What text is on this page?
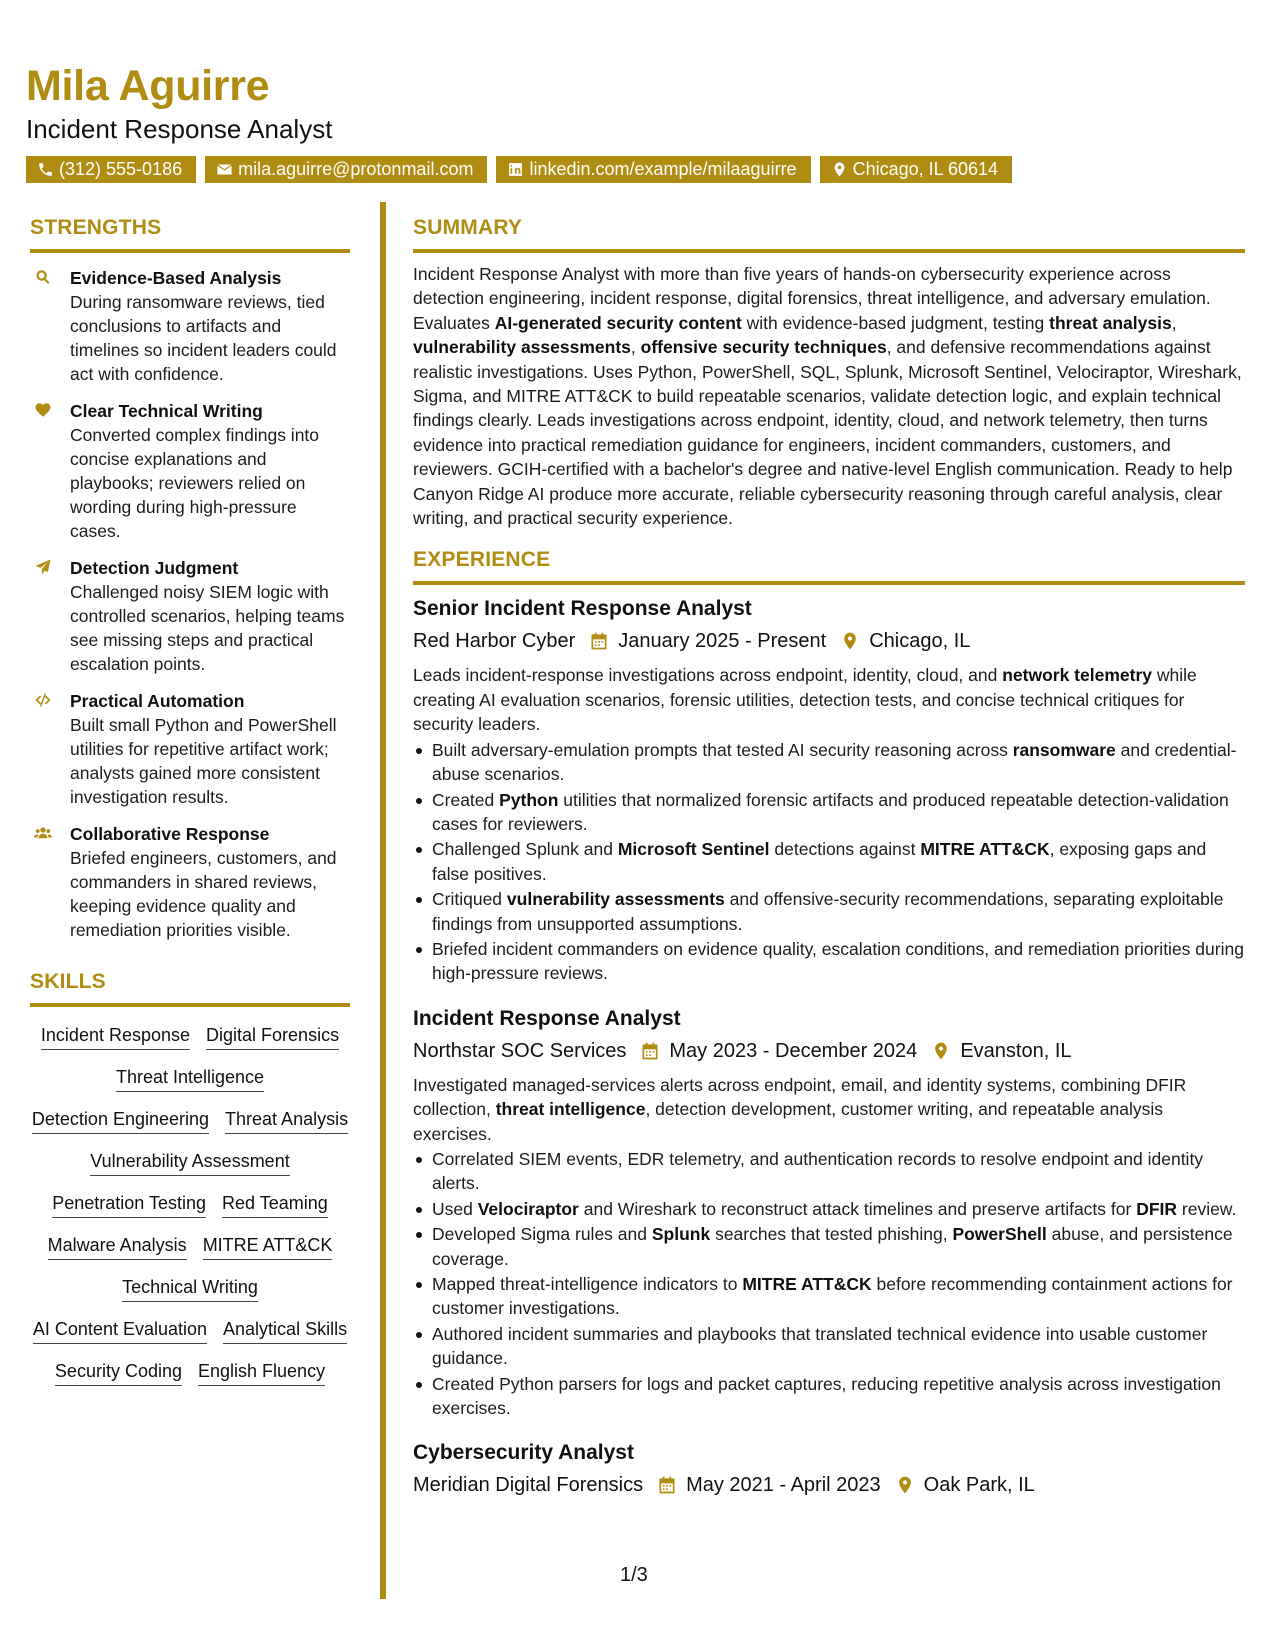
Mila Aguirre
Incident Response Analyst
(312) 555-0186	mila.aguirre@protonmail.com	linkedin.com/example/milaaguirre	Chicago, IL 60614
STRENGTHS
Evidence-Based Analysis
During ransomware reviews, tied conclusions to artifacts and timelines so incident leaders could act with confidence.
Clear Technical Writing
Converted complex findings into concise explanations and playbooks; reviewers relied on wording during high-pressure cases.
Detection Judgment
Challenged noisy SIEM logic with controlled scenarios, helping teams see missing steps and practical escalation points.
Practical Automation
Built small Python and PowerShell utilities for repetitive artifact work; analysts gained more consistent investigation results.
Collaborative Response
Briefed engineers, customers, and commanders in shared reviews, keeping evidence quality and remediation priorities visible.
SKILLS
Incident Response Digital Forensics
Threat Intelligence
Detection Engineering Threat Analysis
Vulnerability Assessment
Penetration Testing Red Teaming
Malware Analysis MITRE ATT&CK
Technical Writing
AI Content Evaluation Analytical Skills
Security Coding English Fluency
SUMMARY
Incident Response Analyst with more than five years of hands-on cybersecurity experience across detection engineering, incident response, digital forensics, threat intelligence, and adversary emulation. Evaluates AI-generated security content with evidence-based judgment, testing threat analysis, vulnerability assessments, offensive security techniques, and defensive recommendations against realistic investigations. Uses Python, PowerShell, SQL, Splunk, Microsoft Sentinel, Velociraptor, Wireshark, Sigma, and MITRE ATT&CK to build repeatable scenarios, validate detection logic, and explain technical findings clearly. Leads investigations across endpoint, identity, cloud, and network telemetry, then turns evidence into practical remediation guidance for engineers, incident commanders, customers, and reviewers. GCIH-certified with a bachelor's degree and native-level English communication. Ready to help Canyon Ridge AI produce more accurate, reliable cybersecurity reasoning through careful analysis, clear writing, and practical security experience.
EXPERIENCE
Senior Incident Response Analyst
Red Harbor Cyber January 2025 - Present Chicago, IL
Leads incident-response investigations across endpoint, identity, cloud, and network telemetry while creating AI evaluation scenarios, forensic utilities, detection tests, and concise technical critiques for security leaders.
Built adversary-emulation prompts that tested AI security reasoning across ransomware and credential-abuse scenarios.
Created Python utilities that normalized forensic artifacts and produced repeatable detection-validation cases for reviewers.
Challenged Splunk and Microsoft Sentinel detections against MITRE ATT&CK, exposing gaps and false positives.
Critiqued vulnerability assessments and offensive-security recommendations, separating exploitable findings from unsupported assumptions.
Briefed incident commanders on evidence quality, escalation conditions, and remediation priorities during high-pressure reviews.
Incident Response Analyst
Northstar SOC Services May 2023 - December 2024 Evanston, IL
Investigated managed-services alerts across endpoint, email, and identity systems, combining DFIR collection, threat intelligence, detection development, customer writing, and repeatable analysis exercises.
Correlated SIEM events, EDR telemetry, and authentication records to resolve endpoint and identity alerts.
Used Velociraptor and Wireshark to reconstruct attack timelines and preserve artifacts for DFIR review.
Developed Sigma rules and Splunk searches that tested phishing, PowerShell abuse, and persistence coverage.
Mapped threat-intelligence indicators to MITRE ATT&CK before recommending containment actions for customer investigations.
Authored incident summaries and playbooks that translated technical evidence into usable customer guidance.
Created Python parsers for logs and packet captures, reducing repetitive analysis across investigation exercises.
Cybersecurity Analyst
Meridian Digital Forensics May 2021 - April 2023 Oak Park, IL
1/3
